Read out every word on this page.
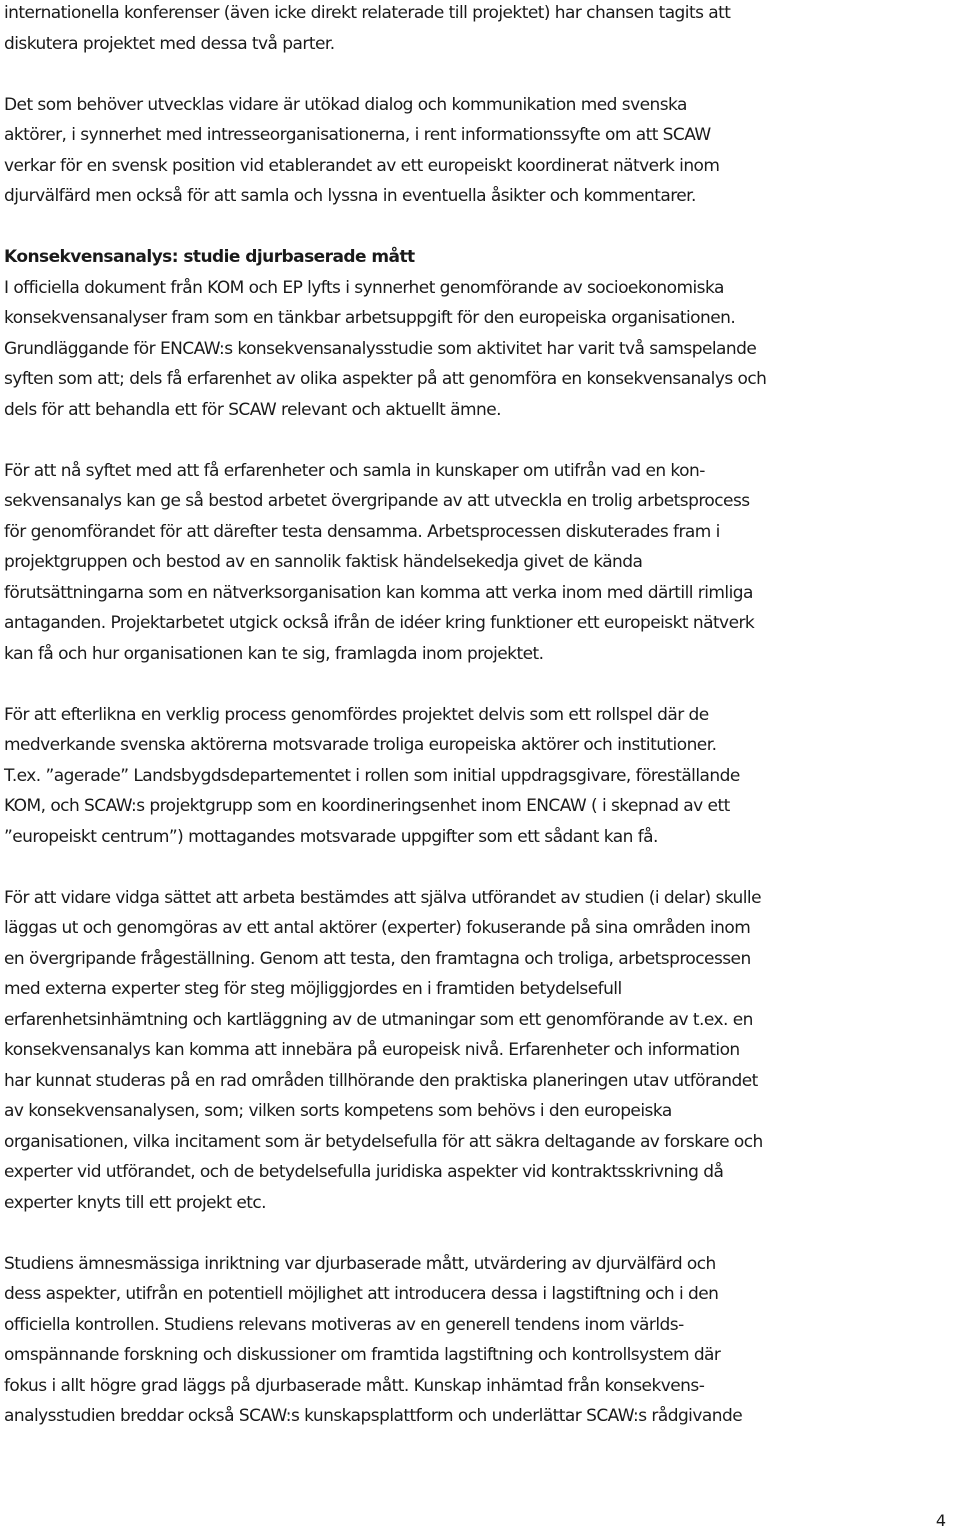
internationella konferenser (även icke direkt relaterade till projektet) har chansen tagits att
diskutera projektet med dessa två parter.
Det som behöver utvecklas vidare är utökad dialog och kommunikation med svenska
aktörer, i synnerhet med intresseorganisationerna, i rent informationssyfte om att SCAW
verkar för en svensk position vid etablerandet av ett europeiskt koordinerat nätverk inom
djurvälfärd men också för att samla och lyssna in eventuella åsikter och kommentarer.
Konsekvensanalys: studie djurbaserade mått
I officiella dokument från KOM och EP lyfts i synnerhet genomförande av socioekonomiska
konsekvensanalyser fram som en tänkbar arbetsuppgift för den europeiska organisationen.
Grundläggande för ENCAW:s konsekvensanalysstudie som aktivitet har varit två samspelande
syften som att; dels få erfarenhet av olika aspekter på att genomföra en konsekvensanalys och
dels för att behandla ett för SCAW relevant och aktuellt ämne.
För att nå syftet med att få erfarenheter och samla in kunskaper om utifrån vad en kon-
sekvensanalys kan ge så bestod arbetet övergripande av att utveckla en trolig arbetsprocess
för genomförandet för att därefter testa densamma. Arbetsprocessen diskuterades fram i
projektgruppen och bestod av en sannolik faktisk händelsekedja givet de kända
förutsättningarna som en nätverksorganisation kan komma att verka inom med därtill rimliga
antaganden. Projektarbetet utgick också ifrån de idéer kring funktioner ett europeiskt nätverk
kan få och hur organisationen kan te sig, framlagda inom projektet.
För att efterlikna en verklig process genomfördes projektet delvis som ett rollspel där de
medverkande svenska aktörerna motsvarade troliga europeiska aktörer och institutioner.
T.ex. ”agerade” Landsbygdsdepartementet i rollen som initial uppdragsgivare, föreställande
KOM, och SCAW:s projektgrupp som en koordineringsenhet inom ENCAW ( i skepnad av ett
”europeiskt centrum”) mottagandes motsvarade uppgifter som ett sådant kan få.
För att vidare vidga sättet att arbeta bestämdes att själva utförandet av studien (i delar) skulle
läggas ut och genomgöras av ett antal aktörer (experter) fokuserande på sina områden inom
en övergripande frågeställning. Genom att testa, den framtagna och troliga, arbetsprocessen
med externa experter steg för steg möjliggjordes en i framtiden betydelsefull
erfarenhetsinhämtning och kartläggning av de utmaningar som ett genomförande av t.ex. en
konsekvensanalys kan komma att innebära på europeisk nivå. Erfarenheter och information
har kunnat studeras på en rad områden tillhörande den praktiska planeringen utav utförandet
av konsekvensanalysen, som; vilken sorts kompetens som behövs i den europeiska
organisationen, vilka incitament som är betydelsefulla för att säkra deltagande av forskare och
experter vid utförandet, och de betydelsefulla juridiska aspekter vid kontraktsskrivning då
experter knyts till ett projekt etc.
Studiens ämnesmässiga inriktning var djurbaserade mått, utvärdering av djurvälfärd och
dess aspekter, utifrån en potentiell möjlighet att introducera dessa i lagstiftning och i den
officiella kontrollen. Studiens relevans motiveras av en generell tendens inom världs-
omspännande forskning och diskussioner om framtida lagstiftning och kontrollsystem där
fokus i allt högre grad läggs på djurbaserade mått. Kunskap inhämtad från konsekvens-
analysstudien breddar också SCAW:s kunskapsplattform och underlättar SCAW:s rådgivande
4
